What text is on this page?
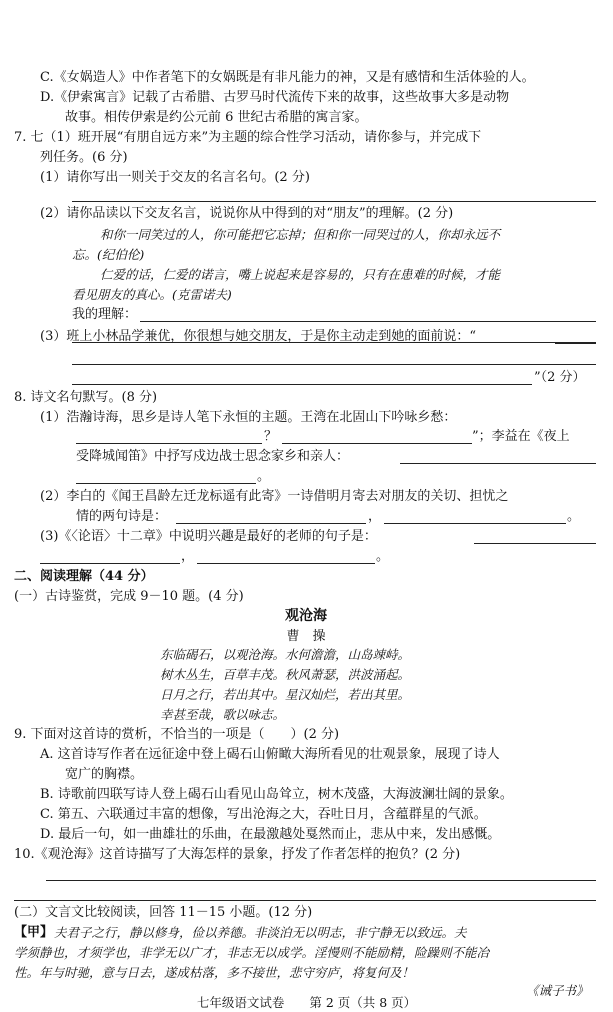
C.《女娲造人》中作者笔下的女娲既是有非凡能力的神，又是有感情和生活体验的人。
D.《伊索寓言》记载了古希腊、古罗马时代流传下来的故事，这些故事大多是动物
故事。相传伊索是约公元前 6 世纪古希腊的寓言家。
7. 七（1）班开展“有朋自远方来”为主题的综合性学习活动，请你参与，并完成下
列任务。(6 分)
(1）请你写出一则关于交友的名言名句。(2 分)
(2）请你品读以下交友名言，说说你从中得到的对“朋友”的理解。(2 分)
和你一同笑过的人，你可能把它忘掉；但和你一同哭过的人，你却永远不
忘。(纪伯伦)
仁爱的话，仁爱的诺言，嘴上说起来是容易的，只有在患难的时候，才能
看见朋友的真心。(克雷诺夫)
我的理解：
(3）班上小林品学兼优，你很想与她交朋友，于是你主动走到她的面前说：“
”（2 分）
8. 诗文名句默写。(8 分)
(1）浩瀚诗海，思乡是诗人笔下永恒的主题。王湾在北固山下吟咏乡愁：
？	”；李益在《夜上
受降城闻笛》中抒写戍边战士思念家乡和亲人：
。
(2）李白的《闻王昌龄左迁龙标遥有此寄》一诗借明月寄去对朋友的关切、担忧之
情的两句诗是：	，	。
(3)《〈论语〉十二章》中说明兴趣是最好的老师的句子是：
，	。
二、阅读理解（44 分）
(一）古诗鉴赏，完成 9－10 题。(4 分)
观沧海
曹　操
东临碣石，以观沧海。水何澹澹，山岛竦峙。
树木丛生，百草丰茂。秋风萧瑟，洪波涌起。
日月之行，若出其中。星汉灿烂，若出其里。
幸甚至哉，歌以咏志。
9. 下面对这首诗的赏析，不恰当的一项是（　　）(2 分)
A. 这首诗写作者在远征途中登上碣石山俯瞰大海所看见的壮观景象，展现了诗人
宽广的胸襟。
B. 诗歌前四联写诗人登上碣石山看见山岛耸立，树木茂盛，大海波澜壮阔的景象。
C. 第五、六联通过丰富的想像，写出沧海之大，吞吐日月，含蕴群星的气派。
D. 最后一句，如一曲雄壮的乐曲，在最激越处戛然而止，悲从中来，发出感慨。
10.《观沧海》这首诗描写了大海怎样的景象，抒发了作者怎样的抱负？(2 分)
(二）文言文比较阅读，回答 11－15 小题。(12 分)
【甲】 夫君子之行，静以修身，俭以养德。非淡泊无以明志，非宁静无以致远。夫
学须静也，才须学也，非学无以广才，非志无以成学。淫慢则不能励精，险躁则不能冶
性。年与时驰，意与日去，遂成枯落，多不接世，悲守穷庐，将复何及！
《诫子书》
七年级语文试卷　　第 2 页（共 8 页）
